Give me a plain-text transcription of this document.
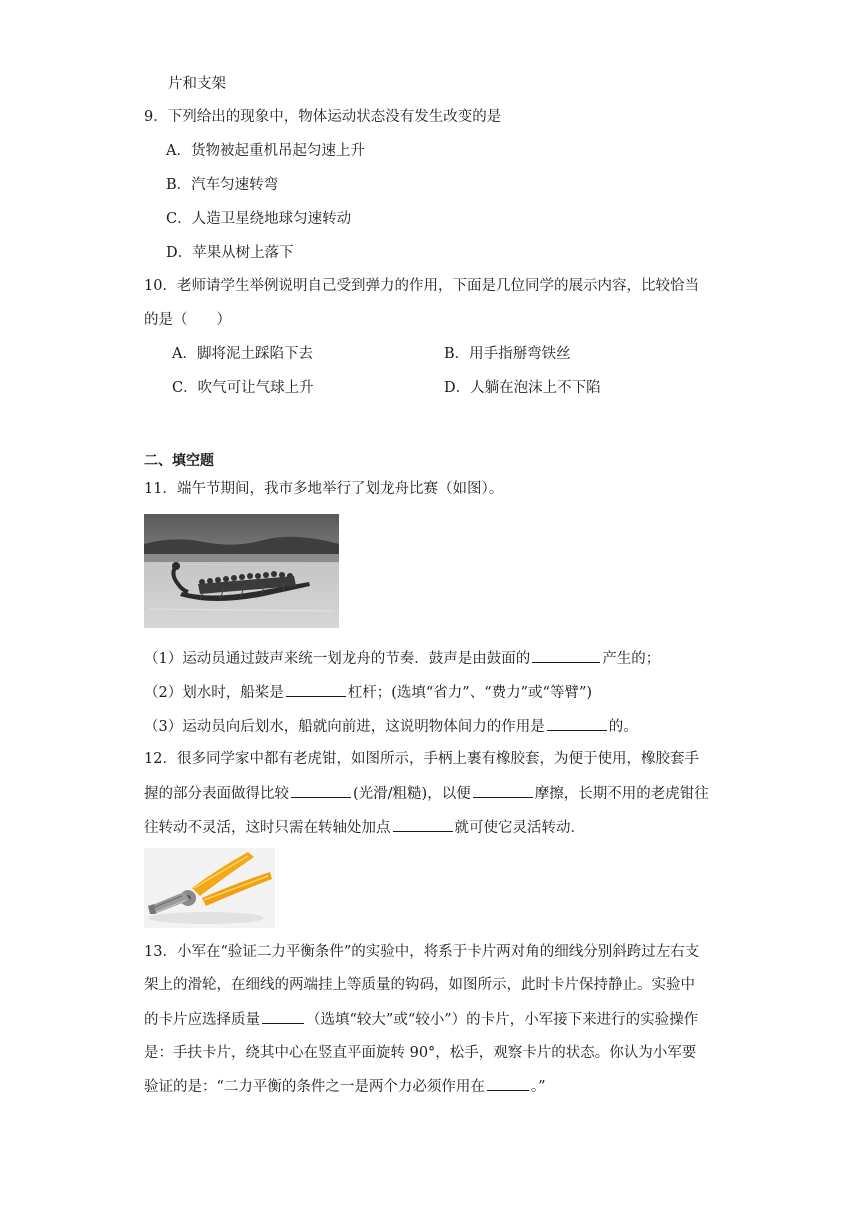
片和支架
9．下列给出的现象中，物体运动状态没有发生改变的是
A．货物被起重机吊起匀速上升
B．汽车匀速转弯
C．人造卫星绕地球匀速转动
D．苹果从树上落下
10．老师请学生举例说明自己受到弹力的作用，下面是几位同学的展示内容，比较恰当
的是（　　）
A．脚将泥土踩陷下去	B．用手指掰弯铁丝
C．吹气可让气球上升	D．人躺在泡沫上不下陷
二、填空题
11．端午节期间，我市多地举行了划龙舟比赛（如图）。
（1）运动员通过鼓声来统一划龙舟的节奏．鼓声是由鼓面的	产生的；
（2）划水时，船桨是	杠杆；(选填“省力”、“费力”或“等臂”)
（3）运动员向后划水，船就向前进，这说明物体间力的作用是	的。
12．很多同学家中都有老虎钳，如图所示，手柄上裹有橡胶套，为便于使用，橡胶套手
握的部分表面做得比较	(光滑/粗糙)，以便	摩擦，长期不用的老虎钳往
往转动不灵活，这时只需在转轴处加点	就可使它灵活转动．
13．小军在“验证二力平衡条件”的实验中，将系于卡片两对角的细线分别斜跨过左右支
架上的滑轮，在细线的两端挂上等质量的钩码，如图所示，此时卡片保持静止。实验中
的卡片应选择质量	（选填“较大”或“较小”）的卡片，小军接下来进行的实验操作
是：手扶卡片，绕其中心在竖直平面旋转 90°，松手，观察卡片的状态。你认为小军要
验证的是：“二力平衡的条件之一是两个力必须作用在	。”
